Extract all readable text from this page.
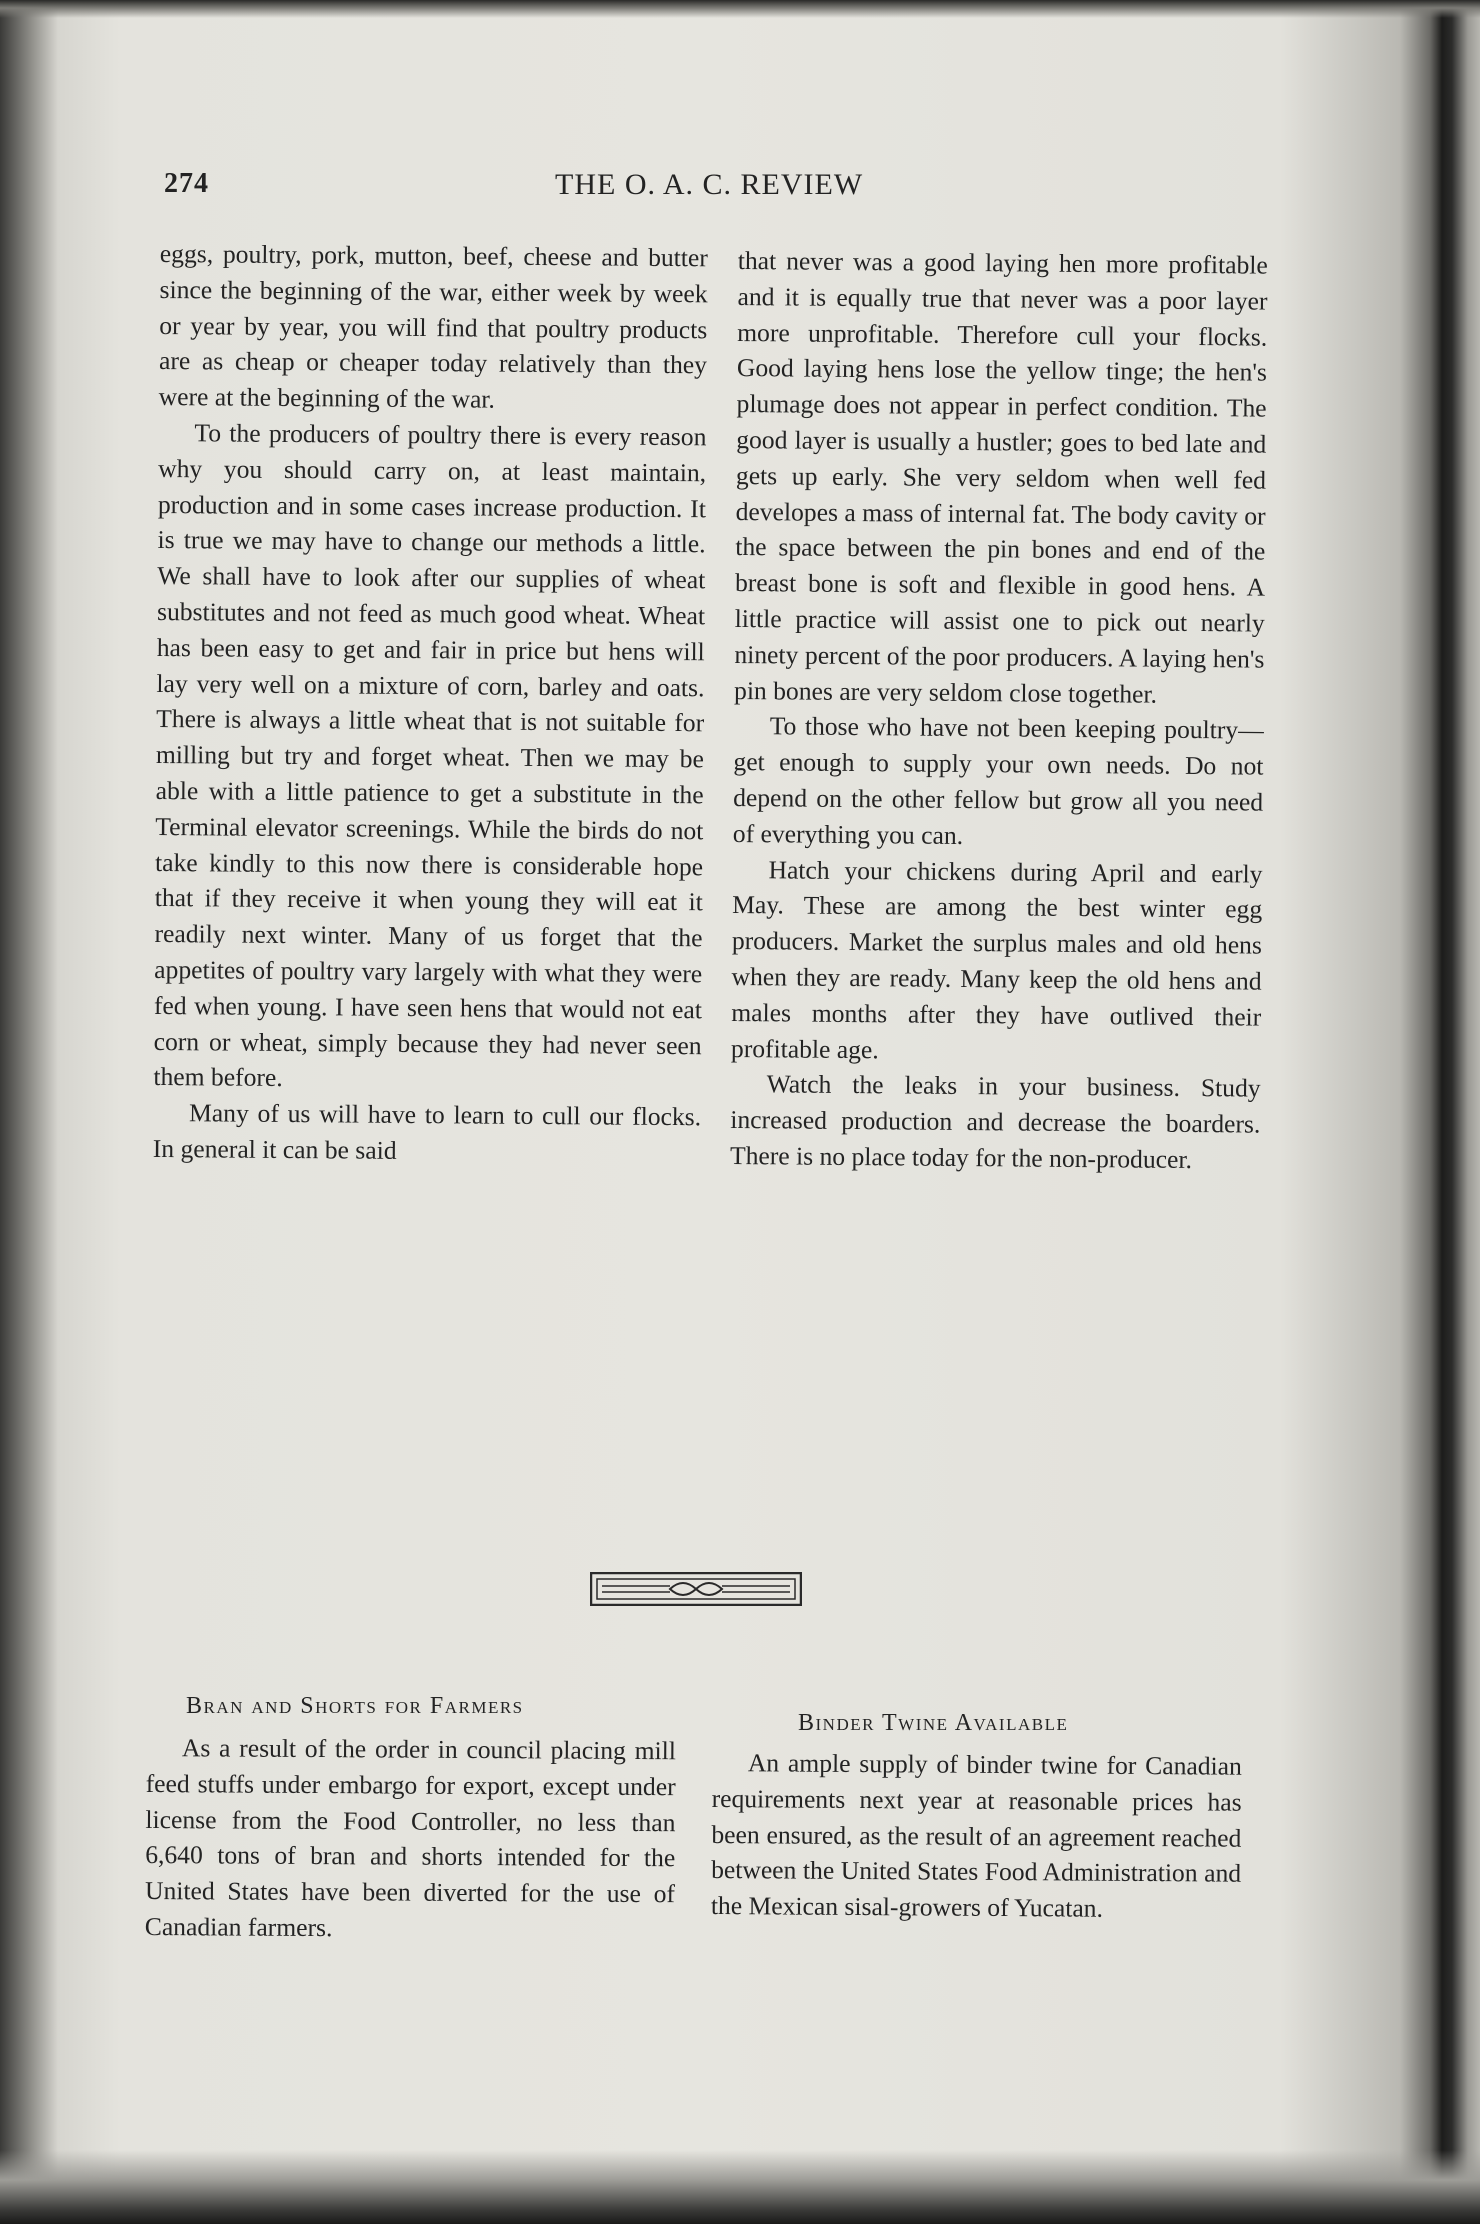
274	THE O. A. C. REVIEW

eggs, poultry, pork, mutton, beef, cheese and butter since the beginning of the war, either week by week or year by year, you will find that poultry products are as cheap or cheaper today relatively than they were at the beginning of the war.

To the producers of poultry there is every reason why you should carry on, at least maintain, production and in some cases increase production. It is true we may have to change our methods a little. We shall have to look after our supplies of wheat substitutes and not feed as much good wheat. Wheat has been easy to get and fair in price but hens will lay very well on a mixture of corn, barley and oats. There is always a little wheat that is not suitable for milling but try and forget wheat. Then we may be able with a little patience to get a substitute in the Terminal elevator screenings. While the birds do not take kindly to this now there is considerable hope that if they receive it when young they will eat it readily next winter. Many of us forget that the appetites of poultry vary largely with what they were fed when young. I have seen hens that would not eat corn or wheat, simply because they had never seen them before.

Many of us will have to learn to cull our flocks. In general it can be said

that never was a good laying hen more profitable and it is equally true that never was a poor layer more unprofitable. Therefore cull your flocks. Good laying hens lose the yellow tinge; the hen's plumage does not appear in perfect condition. The good layer is usually a hustler; goes to bed late and gets up early. She very seldom when well fed developes a mass of internal fat. The body cavity or the space between the pin bones and end of the breast bone is soft and flexible in good hens. A little practice will assist one to pick out nearly ninety percent of the poor producers. A laying hen's pin bones are very seldom close together.

To those who have not been keeping poultry—get enough to supply your own needs. Do not depend on the other fellow but grow all you need of everything you can.

Hatch your chickens during April and early May. These are among the best winter egg producers. Market the surplus males and old hens when they are ready. Many keep the old hens and males months after they have outlived their profitable age.

Watch the leaks in your business. Study increased production and decrease the boarders. There is no place today for the non-producer.

Bran and Shorts for Farmers

As a result of the order in council placing mill feed stuffs under embargo for export, except under license from the Food Controller, no less than 6,640 tons of bran and shorts intended for the United States have been diverted for the use of Canadian farmers.

Binder Twine Available

An ample supply of binder twine for Canadian requirements next year at reasonable prices has been ensured, as the result of an agreement reached between the United States Food Administration and the Mexican sisal-growers of Yucatan.
